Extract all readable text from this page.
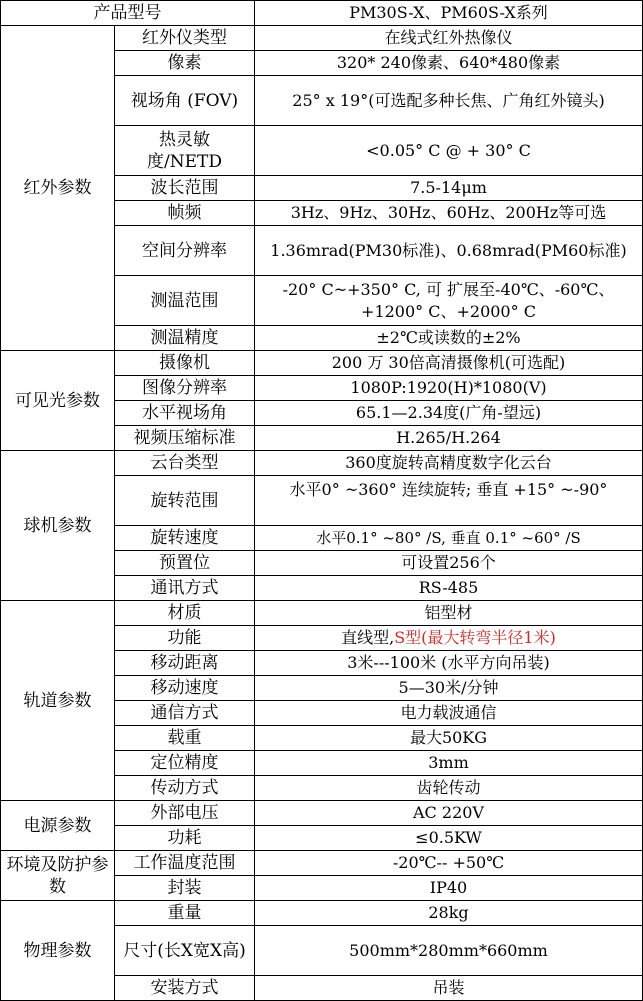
产品型号		PM30S-X、PM60S-X系列
红外参数	红外仪类型	在线式红外热像仪
	像素	320* 240像素、640*480像素
	视场角 (FOV)	25° x 19°(可选配多种长焦、广角红外镜头)
	热灵敏度/NETD	<0.05° C @ + 30° C
	波长范围	7.5-14μm
	帧频	3Hz、9Hz、30Hz、60Hz、200Hz等可选
	空间分辨率	1.36mrad(PM30标准)、0.68mrad(PM60标准)
	测温范围	-20° C~+350° C, 可 扩展至-40℃、-60℃、+1200° C、+2000° C
	测温精度	±2℃或读数的±2%
可见光参数	摄像机	200 万 30倍高清摄像机(可选配)
	图像分辨率	1080P:1920(H)*1080(V)
	水平视场角	65.1—2.34度(广角-望远)
	视频压缩标准	H.265/H.264
球机参数	云台类型	360度旋转高精度数字化云台
	旋转范围	水平0° ~360° 连续旋转; 垂直 +15° ~-90°
	旋转速度	水平0.1° ~80° /S, 垂直 0.1° ~60° /S
	预置位	可设置256个
	通讯方式	RS-485
轨道参数	材质	铝型材
	功能	直线型,S型(最大转弯半径1米)
	移动距离	3米---100米 (水平方向吊装)
	移动速度	5—30米/分钟
	通信方式	电力载波通信
	载重	最大50KG
	定位精度	3mm
	传动方式	齿轮传动
电源参数	外部电压	AC 220V
	功耗	≤0.5KW
环境及防护参数	工作温度范围	-20℃-- +50℃
	封装	IP40
物理参数	重量	28kg
	尺寸(长X宽X高)	500mm*280mm*660mm
	安装方式	吊装
